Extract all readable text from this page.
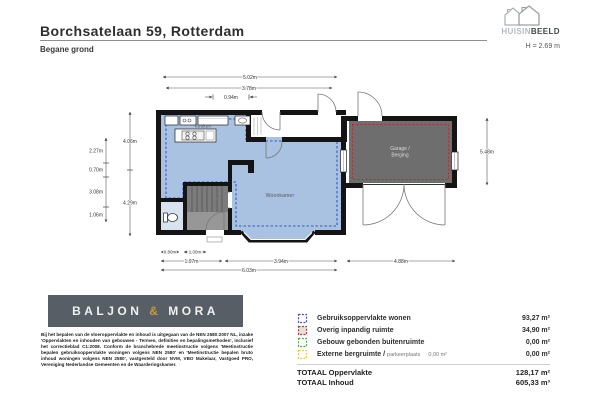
Borchsatelaan 59, Rotterdam
Begane grond
HUISINBEELD
H = 2.69 m
Keuken
Woonkamer
Garage /
Berging
5.02m
3.78m
0.94m
2.27m
0.70m
3.08m
1.06m
4.06m
4.29m
5.48m
0.80m	1.00m
1.97m	3.94m	4.88m
6.03m
Gebruiksoppervlakte wonen	93,27 m²
Overig inpandig ruimte	34,90 m²
Gebouw gebonden buitenruimte	0,00 m²
Externe bergruimte / parkeerplaats 0,00 m²	0,00 m²
TOTAAL Oppervlakte	128,17 m²
TOTAAL Inhoud	605,33 m³
BALJON & MORA
Bij het bepalen van de vloeroppervlakte en inhoud is uitgegaan van de NEN 2580:2007 NL, inzake 'Oppervlakten en inhouden van gebouwen - Termen, definities en bepalingsmethoden', inclusief het correctieblad C1:2008. Conform de branchebrede meetinstructie volgens 'Meetinstructie bepalen gebruiksoppervlakte woningen volgens NEN 2580' en 'Meetinstructie bepalen bruto inhoud woningen volgens NEN 2580', vastgesteld door NVM, VBO Makelaar, Vastgoed PRO, Vereniging Nederlandse Gemeenten en de Waarderingskamer.
